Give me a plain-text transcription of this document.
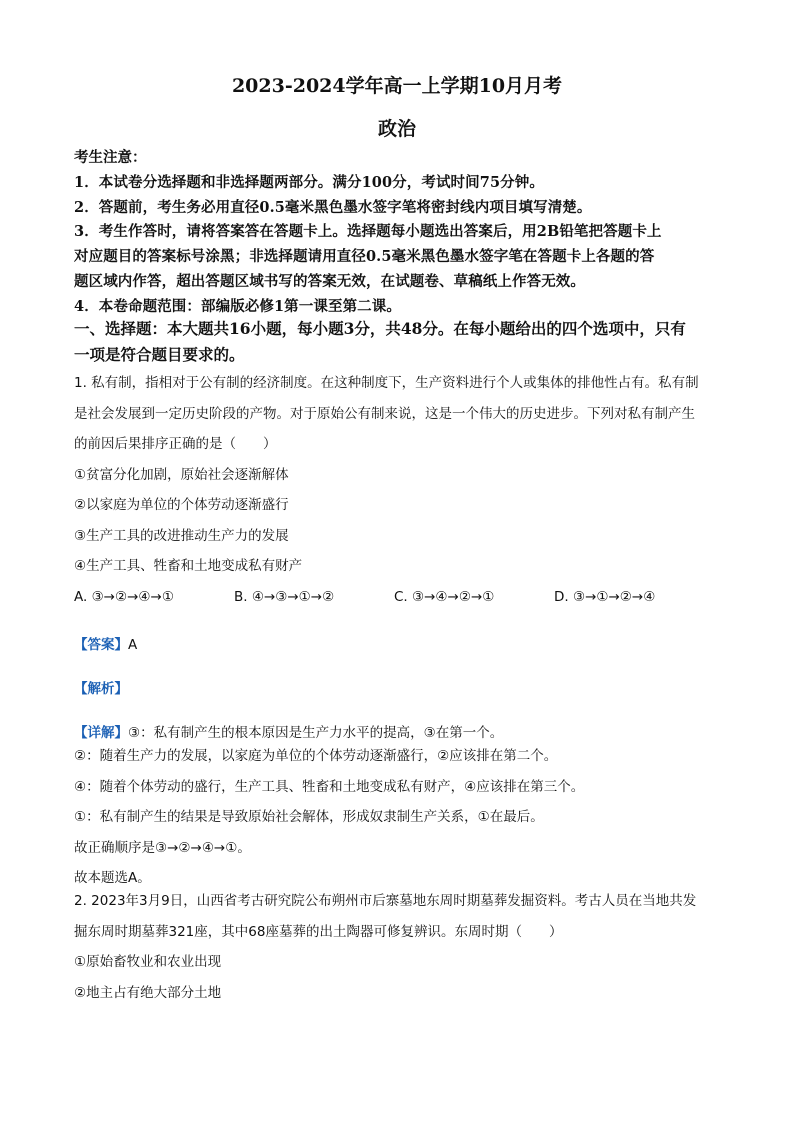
2023-2024学年高一上学期10月月考
政治

考生注意：

1．本试卷分选择题和非选择题两部分。满分100分，考试时间75分钟。

2．答题前，考生务必用直径0.5毫米黑色墨水签字笔将密封线内项目填写清楚。

3．考生作答时，请将答案答在答题卡上。选择题每小题选出答案后，用2B铅笔把答题卡上

对应题目的答案标号涂黑；非选择题请用直径0.5毫米黑色墨水签字笔在答题卡上各题的答

题区域内作答，超出答题区域书写的答案无效，在试题卷、草稿纸上作答无效。

4．本卷命题范围：部编版必修1第一课至第二课。

一、选择题：本大题共16小题，每小题3分，共48分。在每小题给出的四个选项中，只有
一项是符合题目要求的。

1. 私有制，指相对于公有制的经济制度。在这种制度下，生产资料进行个人或集体的排他性占有。私有制

是社会发展到一定历史阶段的产物。对于原始公有制来说，这是一个伟大的历史进步。下列对私有制产生

的前因后果排序正确的是（　　）

①贫富分化加剧，原始社会逐渐解体

②以家庭为单位的个体劳动逐渐盛行

③生产工具的改进推动生产力的发展

④生产工具、牲畜和土地变成私有财产

A. ③→②→④→①	B. ④→③→①→②	C. ③→④→②→①	D. ③→①→②→④

【答案】A

【解析】

【详解】③：私有制产生的根本原因是生产力水平的提高，③在第一个。

②：随着生产力的发展，以家庭为单位的个体劳动逐渐盛行，②应该排在第二个。

④：随着个体劳动的盛行，生产工具、牲畜和土地变成私有财产，④应该排在第三个。

①：私有制产生的结果是导致原始社会解体，形成奴隶制生产关系，①在最后。

故正确顺序是③→②→④→①。

故本题选A。

2. 2023年3月9日，山西省考古研究院公布朔州市后寨墓地东周时期墓葬发掘资料。考古人员在当地共发

掘东周时期墓葬321座，其中68座墓葬的出土陶器可修复辨识。东周时期（　　）

①原始畜牧业和农业出现

②地主占有绝大部分土地
